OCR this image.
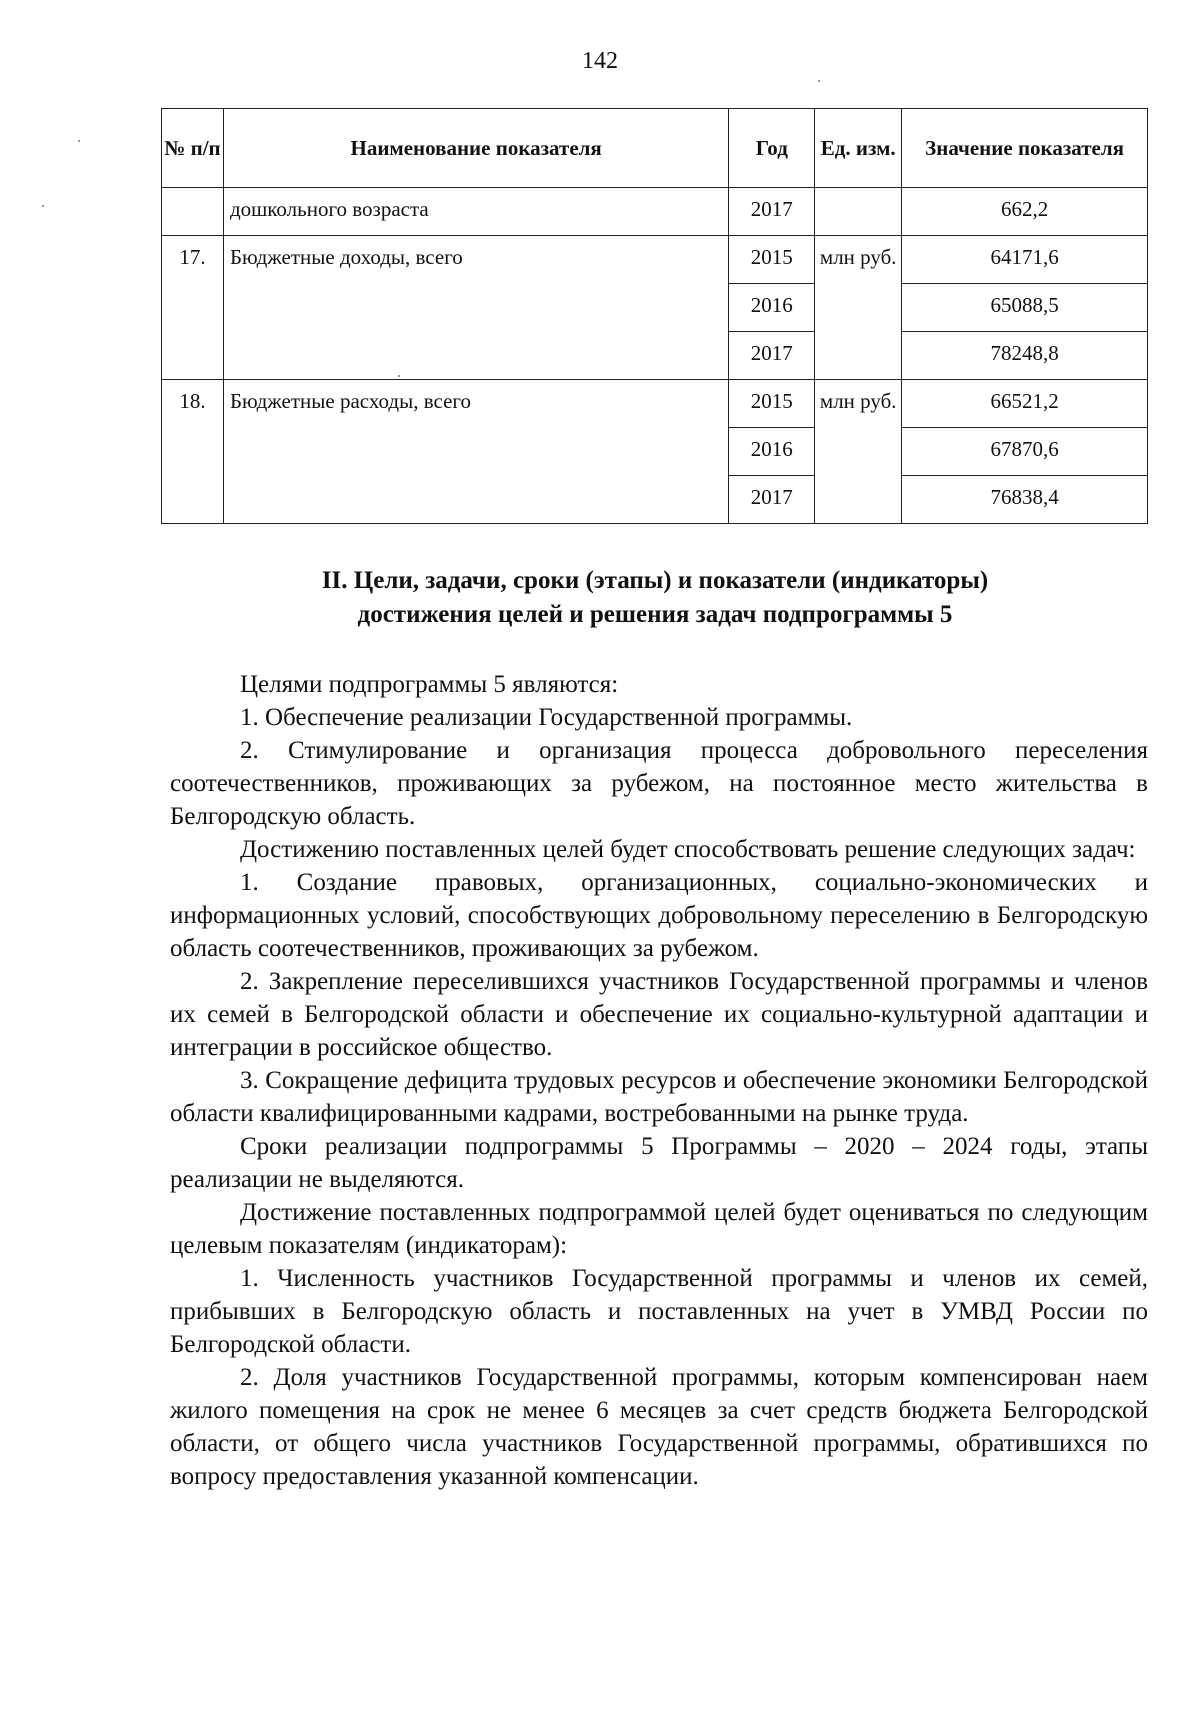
142
№ п/п	Наименование показателя	Год	Ед. изм.	Значение показателя
	дошкольного возраста	2017		662,2
17.	Бюджетные доходы, всего	2015	млн руб.	64171,6
		2016		65088,5
		2017		78248,8
18.	Бюджетные расходы, всего	2015	млн руб.	66521,2
		2016		67870,6
		2017		76838,4
II. Цели, задачи, сроки (этапы) и показатели (индикаторы)
достижения целей и решения задач подпрограммы 5

Целями подпрограммы 5 являются:

1. Обеспечение реализации Государственной программы.

2. Стимулирование и организация процесса добровольного переселения соотечественников, проживающих за рубежом, на постоянное место жительства в Белгородскую область.

Достижению поставленных целей будет способствовать решение следующих задач:

1. Создание правовых, организационных, социально-экономических и информационных условий, способствующих добровольному переселению в Белгородскую область соотечественников, проживающих за рубежом.

2. Закрепление переселившихся участников Государственной программы и членов их семей в Белгородской области и обеспечение их социально-культурной адаптации и интеграции в российское общество.

3. Сокращение дефицита трудовых ресурсов и обеспечение экономики Белгородской области квалифицированными кадрами, востребованными на рынке труда.

Сроки реализации подпрограммы 5 Программы – 2020 – 2024 годы, этапы реализации не выделяются.

Достижение поставленных подпрограммой целей будет оцениваться по следующим целевым показателям (индикаторам):

1. Численность участников Государственной программы и членов их семей, прибывших в Белгородскую область и поставленных на учет в УМВД России по Белгородской области.

2. Доля участников Государственной программы, которым компенсирован наем жилого помещения на срок не менее 6 месяцев за счет средств бюджета Белгородской области, от общего числа участников Государственной программы, обратившихся по вопросу предоставления указанной компенсации.
